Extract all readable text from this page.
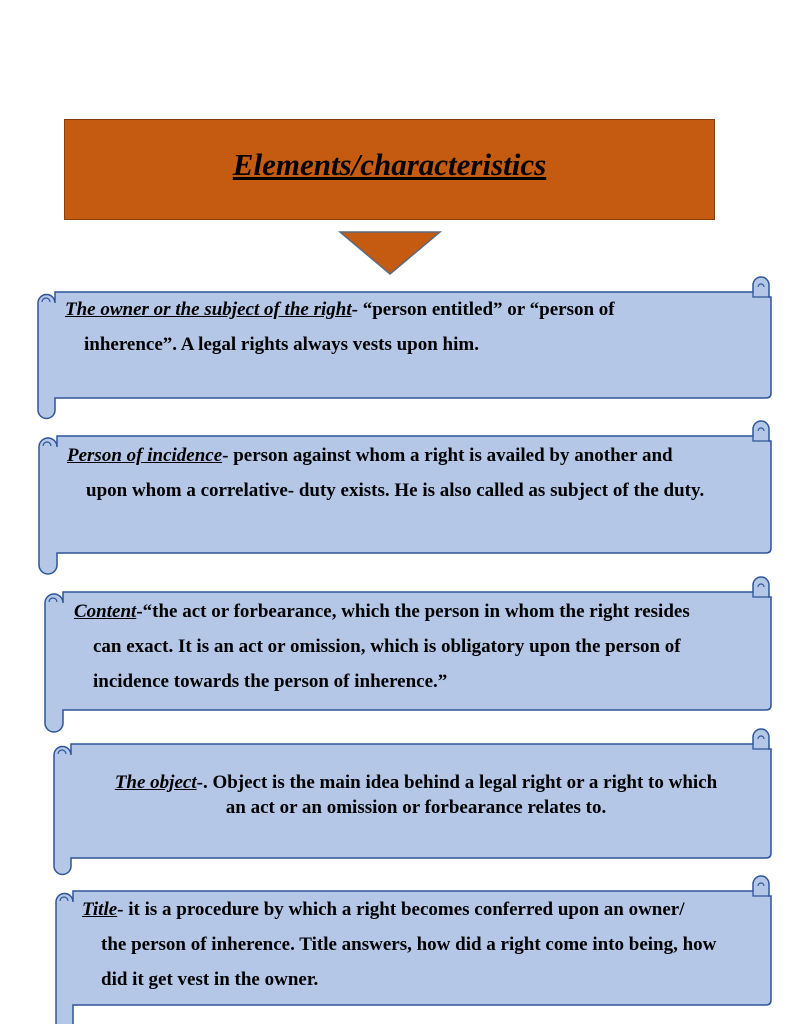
Elements/characteristics
The owner or the subject of the right- “person entitled” or “person of
inherence”. A legal rights always vests upon him.
Person of incidence- person against whom a right is availed by another and
upon whom a correlative- duty exists. He is also called as subject of the duty.
Content-“the act or forbearance, which the person in whom the right resides
can exact. It is an act or omission, which is obligatory upon the person of incidence towards the person of inherence.”
The object-. Object is the main idea behind a legal right or a right to which
an act or an omission or forbearance relates to.
Title- it is a procedure by which a right becomes conferred upon an owner/
the person of inherence. Title answers, how did a right come into being, how did it get vest in the owner.
